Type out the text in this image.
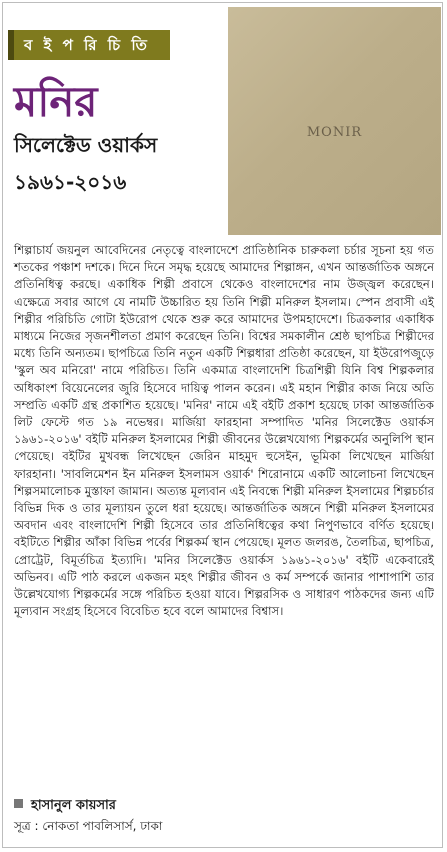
ব ই প রি চি তি
মনির
সিলেক্টেড ওয়ার্কস
১৯৬১-২০১৬
MONIR

শিল্পাচার্য জয়নুল আবেদিনের নেতৃত্বে বাংলাদেশে প্রাতিষ্ঠানিক চারুকলা চর্চার সূচনা হয় গত শতকের পঞ্চাশ দশকে। দিনে দিনে সমৃদ্ধ হয়েছে আমাদের শিল্পাঙ্গন, এখন আন্তর্জাতিক অঙ্গনে প্রতিনিধিত্ব করছে। একাধিক শিল্পী প্রবাসে থেকেও বাংলাদেশের নাম উজ্জ্বল করেছেন। এক্ষেত্রে সবার আগে যে নামটি উচ্চারিত হয় তিনি শিল্পী মনিরুল ইসলাম। স্পেন প্রবাসী এই শিল্পীর পরিচিতি গোটা ইউরোপ থেকে শুরু করে আমাদের উপমহাদেশে। চিত্রকলার একাধিক মাধ্যমে নিজের সৃজনশীলতা প্রমাণ করেছেন তিনি। বিশ্বের সমকালীন শ্রেষ্ঠ ছাপচিত্র শিল্পীদের মধ্যে তিনি অন্যতম। ছাপচিত্রে তিনি নতুন একটি শিল্পধারা প্রতিষ্ঠা করেছেন, যা ইউরোপজুড়ে 'স্কুল অব মনিরো' নামে পরিচিত। তিনি একমাত্র বাংলাদেশি চিত্রশিল্পী যিনি বিশ্ব শিল্পকলার অধিকাংশ বিয়েনেলের জুরি হিসেবে দায়িত্ব পালন করেন। এই মহান শিল্পীর কাজ নিয়ে অতি সম্প্রতি একটি গ্রন্থ প্রকাশিত হয়েছে। 'মনির' নামে এই বইটি প্রকাশ হয়েছে ঢাকা আন্তর্জাতিক লিট ফেস্টে গত ১৯ নভেম্বর। মার্জিয়া ফারহানা সম্পাদিত 'মনির সিলেক্টেড ওয়ার্কস ১৯৬১-২০১৬' বইটি মনিরুল ইসলামের শিল্পী জীবনের উল্লেখযোগ্য শিল্পকর্মের অনুলিপি স্থান পেয়েছে। বইটির মুখবন্ধ লিখেছেন জেরিন মাহমুদ হুসেইন, ভূমিকা লিখেছেন মার্জিয়া ফারহানা। 'সাবলিমেশন ইন মনিরুল ইসলামস ওয়ার্ক' শিরোনামে একটি আলোচনা লিখেছেন শিল্পসমালোচক মুস্তাফা জামান। অত্যন্ত মূল্যবান এই নিবন্ধে শিল্পী মনিরুল ইসলামের শিল্পচর্চার বিভিন্ন দিক ও তার মূল্যায়ন তুলে ধরা হয়েছে। আন্তর্জাতিক অঙ্গনে শিল্পী মনিরুল ইসলামের অবদান এবং বাংলাদেশি শিল্পী হিসেবে তার প্রতিনিধিত্বের কথা নিপুণভাবে বর্ণিত হয়েছে। বইটিতে শিল্পীর আঁকা বিভিন্ন পর্বের শিল্পকর্ম স্থান পেয়েছে। মূলত জলরঙ, তৈলচিত্র, ছাপচিত্র, প্রোট্রেট, বিমূর্তচিত্র ইত্যাদি। 'মনির সিলেক্টেড ওয়ার্কস ১৯৬১-২০১৬' বইটি একেবারেই অভিনব। এটি পাঠ করলে একজন মহৎ শিল্পীর জীবন ও কর্ম সম্পর্কে জানার পাশাপাশি তার উল্লেখযোগ্য শিল্পকর্মের সঙ্গে পরিচিত হওয়া যাবে। শিল্পরসিক ও সাধারণ পাঠকদের জন্য এটি মূল্যবান সংগ্রহ হিসেবে বিবেচিত হবে বলে আমাদের বিশ্বাস।

হাসানুল কায়সার
সূত্র : নোকতা পাবলিসার্স, ঢাকা
